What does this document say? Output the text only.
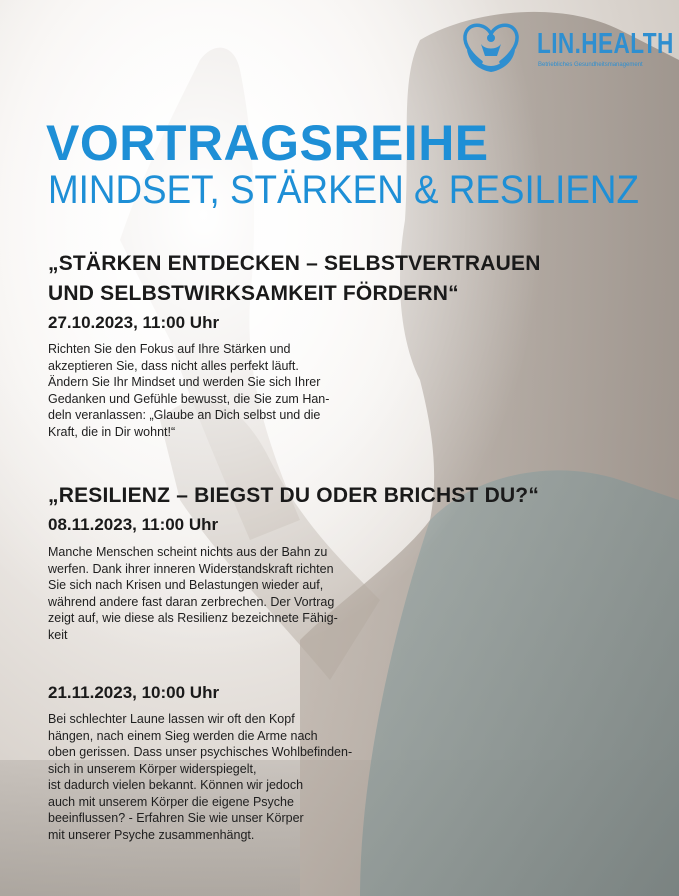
LIN.HEALTH
Betriebliches Gesundheitsmanagement
VORTRAGSREIHE
MINDSET, STÄRKEN & RESILIENZ
„STÄRKEN ENTDECKEN – SELBSTVERTRAUEN
UND SELBSTWIRKSAMKEIT FÖRDERN“
27.10.2023, 11:00 Uhr
Richten Sie den Fokus auf Ihre Stärken und
akzeptieren Sie, dass nicht alles perfekt läuft.
Ändern Sie Ihr Mindset und werden Sie sich Ihrer
Gedanken und Gefühle bewusst, die Sie zum Han-
deln veranlassen: „Glaube an Dich selbst und die
Kraft, die in Dir wohnt!“
„RESILIENZ – BIEGST DU ODER BRICHST DU?“
08.11.2023, 11:00 Uhr
Manche Menschen scheint nichts aus der Bahn zu
werfen. Dank ihrer inneren Widerstandskraft richten
Sie sich nach Krisen und Belastungen wieder auf,
während andere fast daran zerbrechen. Der Vortrag
zeigt auf, wie diese als Resilienz bezeichnete Fähig-
keit
21.11.2023, 10:00 Uhr
Bei schlechter Laune lassen wir oft den Kopf
hängen, nach einem Sieg werden die Arme nach
oben gerissen. Dass unser psychisches Wohlbefinden-
sich in unserem Körper widerspiegelt,
ist dadurch vielen bekannt. Können wir jedoch
auch mit unserem Körper die eigene Psyche
beeinflussen? - Erfahren Sie wie unser Körper
mit unserer Psyche zusammenhängt.
